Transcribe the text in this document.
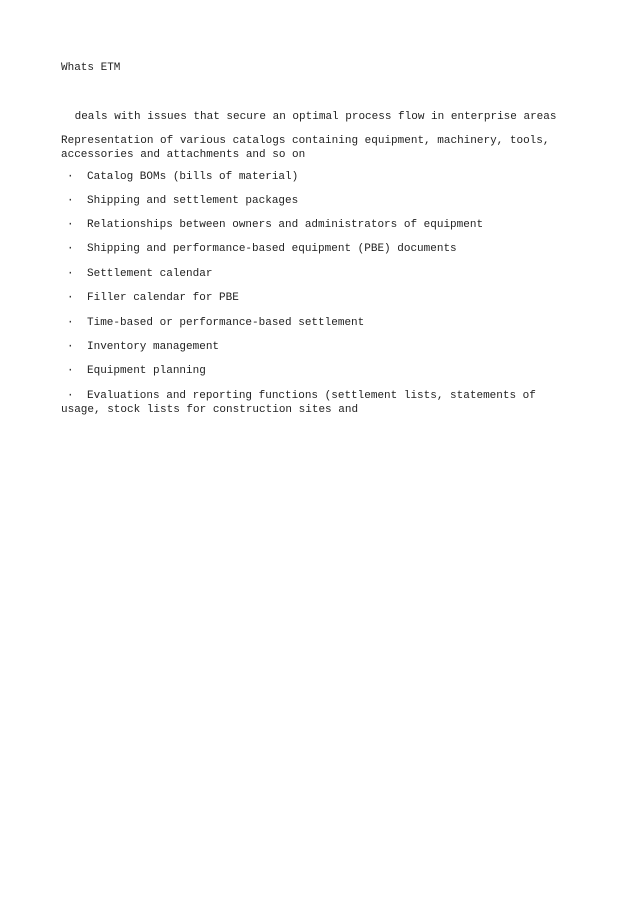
Whats ETM
deals with issues that secure an optimal process flow in enterprise areas
Representation of various catalogs containing equipment, machinery, tools, accessories and attachments and so on
· Catalog BOMs (bills of material)
· Shipping and settlement packages
· Relationships between owners and administrators of equipment
· Shipping and performance-based equipment (PBE) documents
· Settlement calendar
· Filler calendar for PBE
· Time-based or performance-based settlement
· Inventory management
· Equipment planning
· Evaluations and reporting functions (settlement lists, statements of usage, stock lists for construction sites and
